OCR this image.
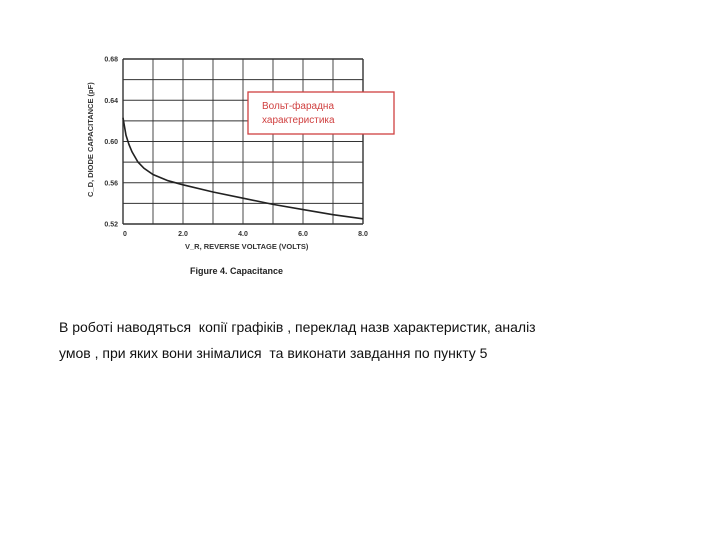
0.52
0.56
0.60
0.64
0.68
0	2.0	4.0	6.0	8.0
C_D, DIODE CAPACITANCE (pF)
V_R, REVERSE VOLTAGE (VOLTS)
Figure 4. Capacitance
Вольт-фарадна
характеристика

В роботі наводяться  копії графіків , переклад назв характеристик, аналіз
умов , при яких вони знімалися  та виконати завдання по пункту 5
